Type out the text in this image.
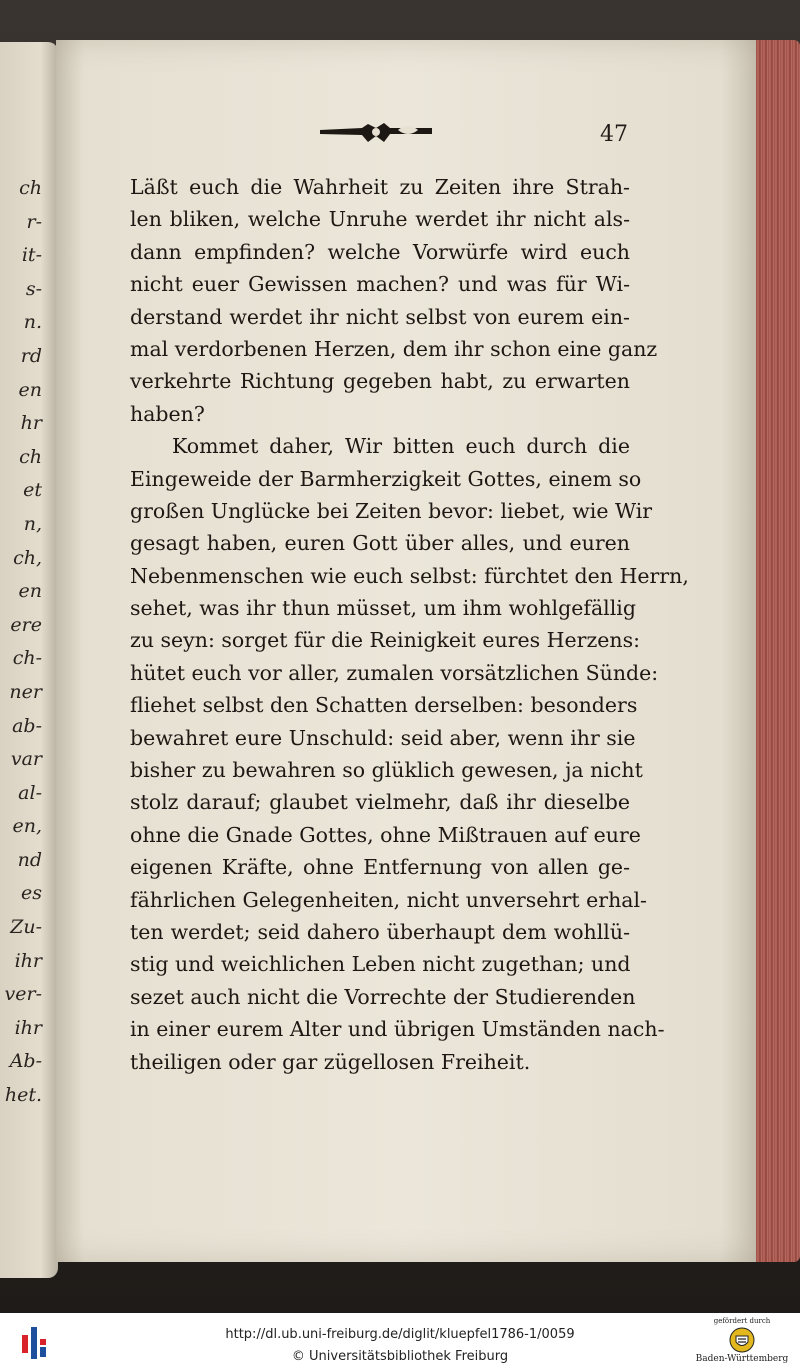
ch
r-
it-
s-
n.
rd
en
hr
ch
et
n,
ch,
en
ere
ch-
ner
ab-
var
al-
en,
nd
es
Zu-
ihr
ver-
ihr
Ab-
het.
47
Läßt euch die Wahrheit zu Zeiten ihre Strah-
len bliken, welche Unruhe werdet ihr nicht als-
dann empfinden? welche Vorwürfe wird euch
nicht euer Gewissen machen? und was für Wi-
derstand werdet ihr nicht selbst von eurem ein-
mal verdorbenen Herzen, dem ihr schon eine ganz
verkehrte Richtung gegeben habt, zu erwarten
haben?
Kommet daher, Wir bitten euch durch die
Eingeweide der Barmherzigkeit Gottes, einem so
großen Unglücke bei Zeiten bevor: liebet, wie Wir
gesagt haben, euren Gott über alles, und euren
Nebenmenschen wie euch selbst: fürchtet den Herrn,
sehet, was ihr thun müsset, um ihm wohlgefällig
zu seyn: sorget für die Reinigkeit eures Herzens:
hütet euch vor aller, zumalen vorsätzlichen Sünde:
fliehet selbst den Schatten derselben: besonders
bewahret eure Unschuld: seid aber, wenn ihr sie
bisher zu bewahren so glüklich gewesen, ja nicht
stolz darauf; glaubet vielmehr, daß ihr dieselbe
ohne die Gnade Gottes, ohne Mißtrauen auf eure
eigenen Kräfte, ohne Entfernung von allen ge-
fährlichen Gelegenheiten, nicht unversehrt erhal-
ten werdet; seid dahero überhaupt dem wohllü-
stig und weichlichen Leben nicht zugethan; und
sezet auch nicht die Vorrechte der Studierenden
in einer eurem Alter und übrigen Umständen nach-
theiligen oder gar zügellosen Freiheit.
http://dl.ub.uni-freiburg.de/diglit/kluepfel1786-1/0059
© Universitätsbibliothek Freiburg
gefördert durch
Baden-Württemberg
